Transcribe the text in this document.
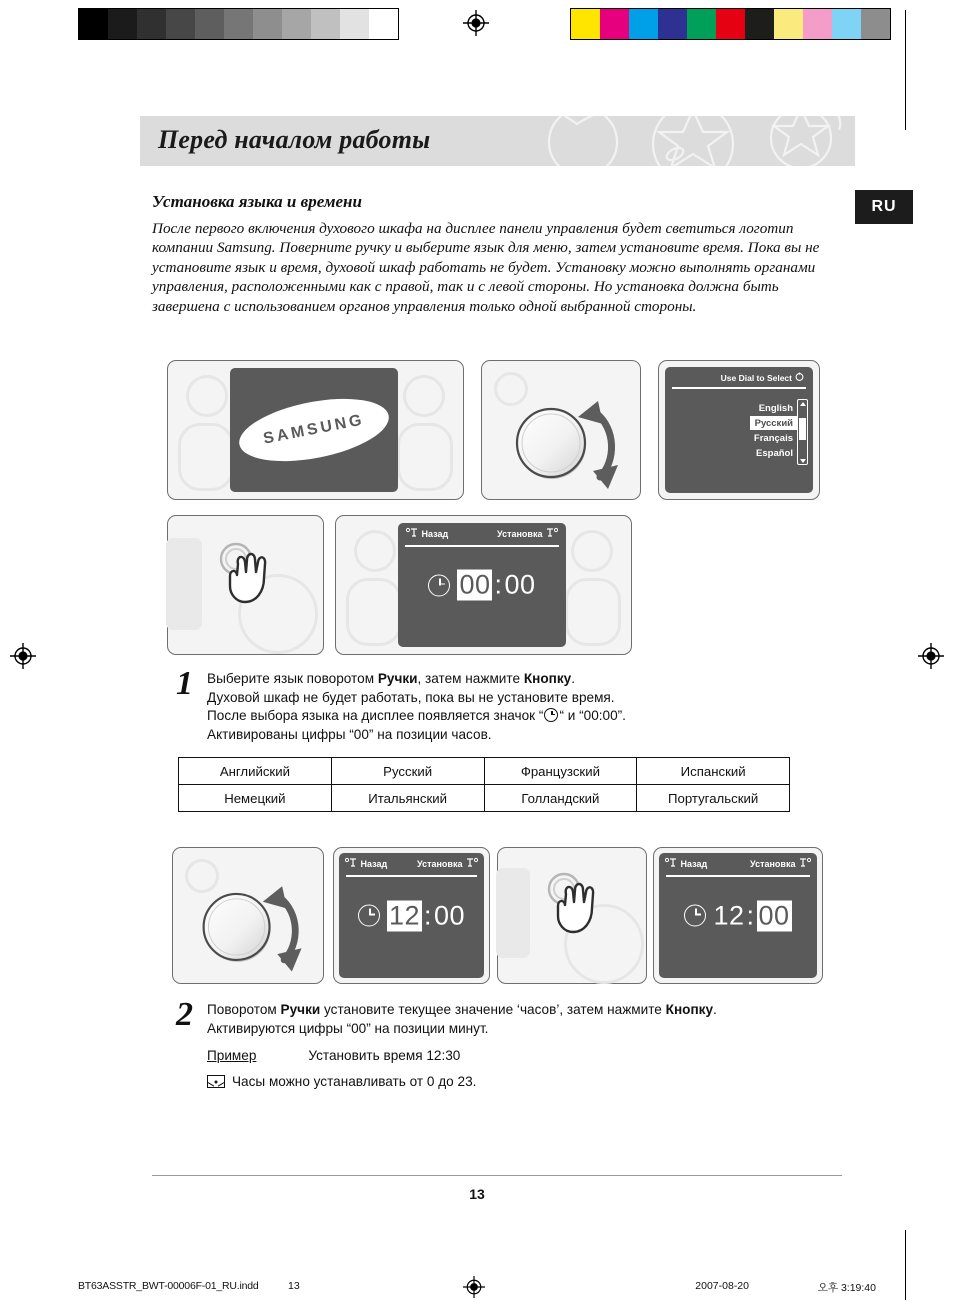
Перед началом работы
RU
Установка языка и времени
После первого включения духового шкафа на дисплее панели управления будет светиться логотип компании Samsung. Поверните ручку и выберите язык для меню, затем установите время. Пока вы не установите язык и время, духовой шкаф работать не будет. Установку можно выполнять органами управления, расположенными как с правой, так и с левой стороны. Но установка должна быть завершена с использованием органов управления только одной выбранной стороны.
SAMSUNG
Use Dial to Select
English
Русский
Français
Español
Назад	Установка
00 : 00
1 Выберите язык поворотом Ручки, затем нажмите Кнопку.
Духовой шкаф не будет работать, пока вы не установите время.
После выбора языка на дисплее появляется значок “ “ и “00:00”.
Активированы цифры “00” на позиции часов.
Английский	Русский	Французский	Испанский
Немецкий	Итальянский	Голландский	Португальский
Назад	Установка
12 : 00
Назад	Установка
12 : 00
2 Поворотом Ручки установите текущее значение ‘часов’, затем нажмите Кнопку.
Активируются цифры “00” на позиции минут.
Пример	Установить время 12:30
Часы можно устанавливать от 0 до 23.
13
BT63ASSTR_BWT-00006F-01_RU.indd	13	2007-08-20	오후 3:19:40
